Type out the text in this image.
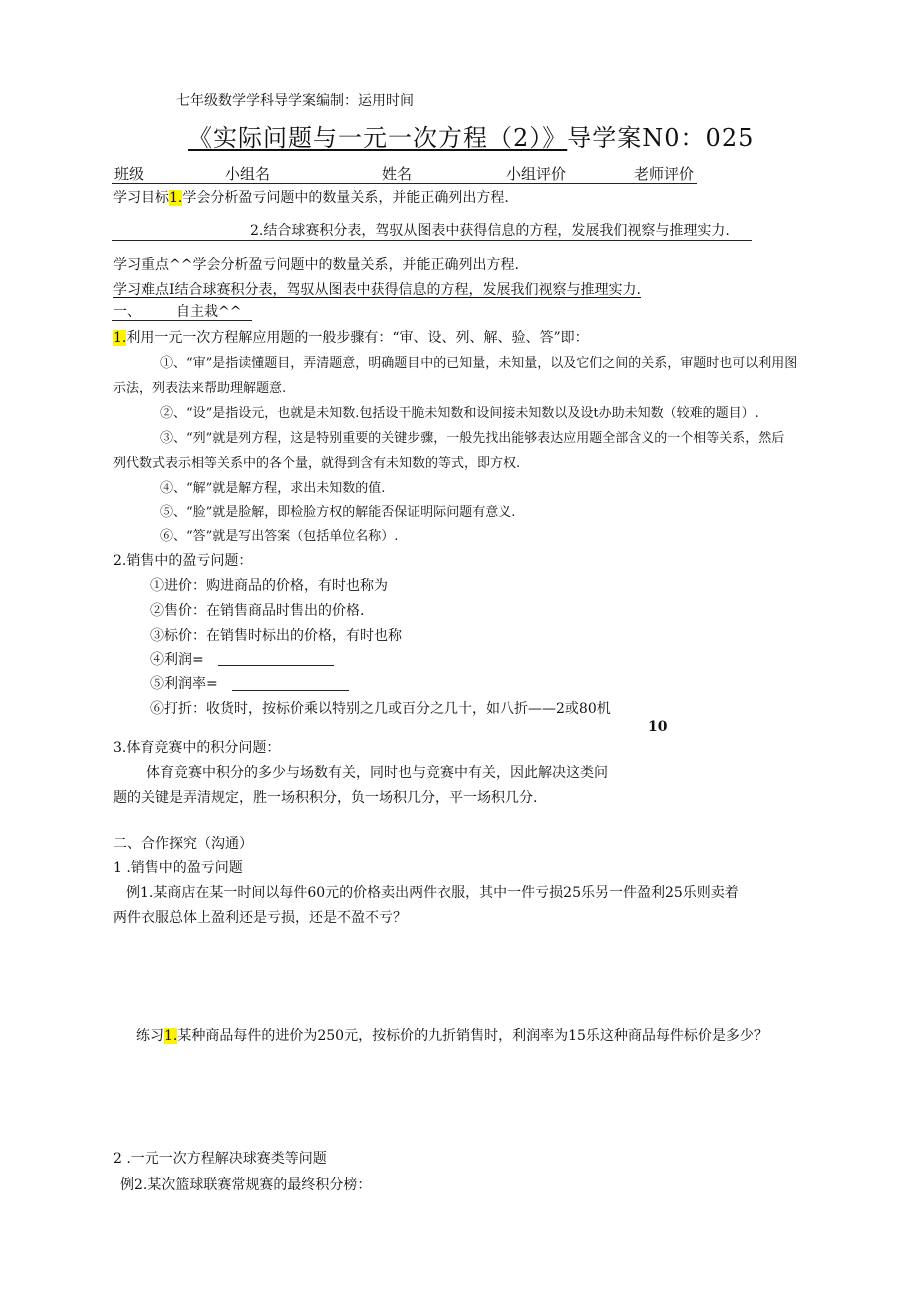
七年级数学学科导学案编制：运用时间
《实际问题与一元一次方程（2）》导学案N0：025
班级	小组名	姓名	小组评价	老师评价
学习目标1.学会分析盈亏问题中的数量关系，并能正确列出方程.
2.结合球赛积分表，驾驭从图表中获得信息的方程，发展我们视察与推理实力.
学习重点^^学会分析盈亏问题中的数量关系，并能正确列出方程.
学习难点I结合球赛积分表，驾驭从图表中获得信息的方程，发展我们视察与推理实力.
一、	自主栽^^
1.利用一元一次方程解应用题的一般步骤有：“审、设、列、解、验、答”即：
①、“审”是指读懂题目，弄清题意，明确题目中的已知量，未知量，以及它们之间的关系，审题时也可以利用图
示法，列表法来帮助理解题意.
②、“设”是指设元，也就是未知数.包括设干脆未知数和设间接未知数以及设t办助未知数（较难的题目）.
③、“列”就是列方程，这是特别重要的关键步骤，一般先找出能够表达应用题全部含义的一个相等关系，然后
列代数式表示相等关系中的各个量，就得到含有未知数的等式，即方权.
④、“解”就是解方程，求出未知数的值.
⑤、“脸”就是脸解，即检脸方权的解能否保证明际问题有意义.
⑥、“答”就是写出答案（包括单位名称）.
2.销售中的盈亏问题：
①进价：购进商品的价格，有时也称为
②售价：在销售商品时售出的价格.
③标价：在销售时标出的价格，有时也称
④利润=
⑤利润率=
⑥打折：收货时，按标价乘以特别之几或百分之几十，如八折——2或80机
10
3.体育竞赛中的积分问题：
体育竞赛中积分的多少与场数有关，同时也与竞赛中有关，因此解决这类问
题的关键是弄清规定，胜一场积积分，负一场积几分，平一场积几分.
二、合作探究（沟通）
1 .销售中的盈亏问题
例1.某商店在某一时间以每件60元的价格卖出两件衣服，其中一件亏损25乐另一件盈利25乐则卖着
两件衣服总体上盈利还是亏损，还是不盈不亏？
练习1.某种商品每件的进价为250元，按标价的九折销售时，利润率为15乐这种商品每件标价是多少？
2 .一元一次方程解决球赛类等问题
例2.某次篮球联赛常规赛的最终积分榜：
